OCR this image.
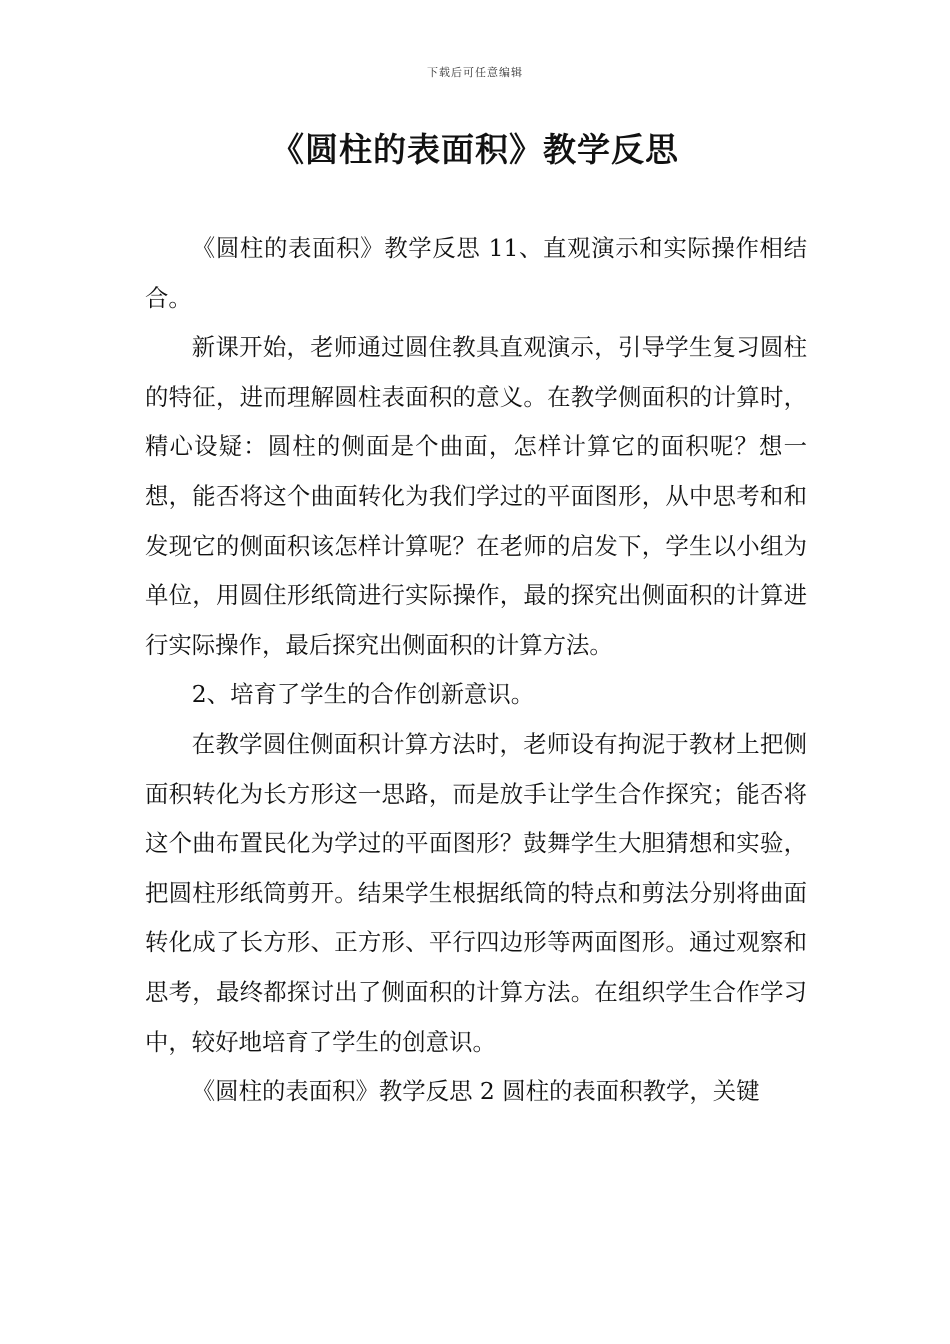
下载后可任意编辑
《圆柱的表面积》教学反思

《圆柱的表面积》教学反思 11、直观演示和实际操作相结合。

新课开始，老师通过圆住教具直观演示，引导学生复习圆柱的特征，进而理解圆柱表面积的意义。在教学侧面积的计算时，精心设疑：圆柱的侧面是个曲面，怎样计算它的面积呢？想一想，能否将这个曲面转化为我们学过的平面图形，从中思考和和发现它的侧面积该怎样计算呢？在老师的启发下，学生以小组为单位，用圆住形纸筒进行实际操作，最的探究出侧面积的计算进行实际操作，最后探究出侧面积的计算方法。

2、培育了学生的合作创新意识。

在教学圆住侧面积计算方法时，老师设有拘泥于教材上把侧面积转化为长方形这一思路，而是放手让学生合作探究；能否将这个曲布置民化为学过的平面图形？鼓舞学生大胆猜想和实验，把圆柱形纸筒剪开。结果学生根据纸筒的特点和剪法分别将曲面转化成了长方形、正方形、平行四边形等两面图形。通过观察和思考，最终都探讨出了侧面积的计算方法。在组织学生合作学习中，较好地培育了学生的创意识。

《圆柱的表面积》教学反思 2 圆柱的表面积教学，关键
